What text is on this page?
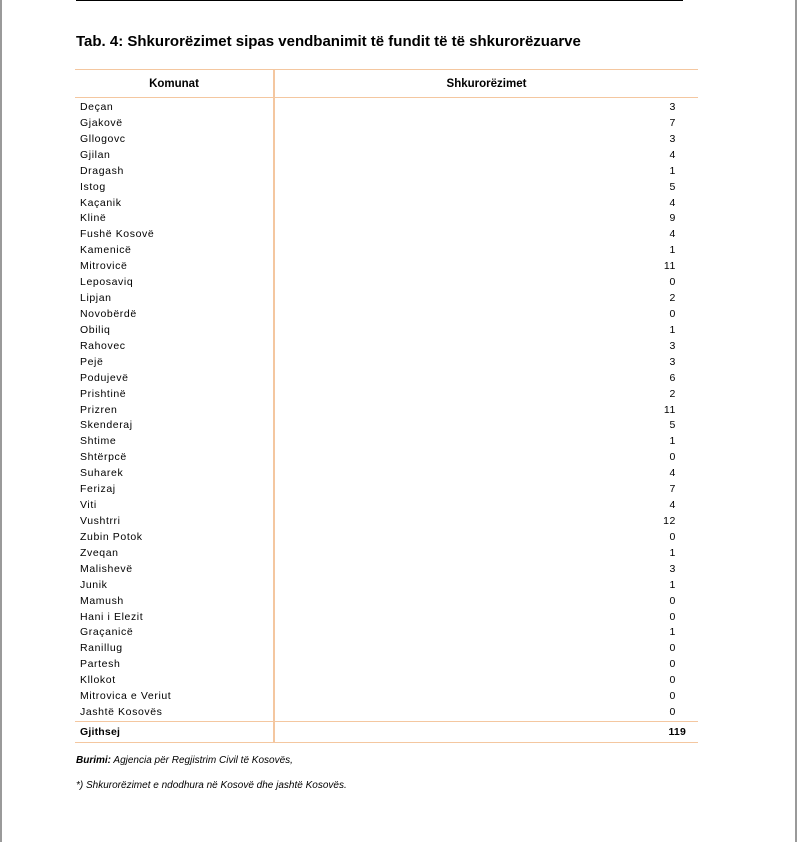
Tab. 4: Shkurorëzimet sipas vendbanimit të fundit të të shkurorëzuarve
Komunat	Shkurorëzimet
Deçan	3
Gjakovë	7
Gllogovc	3
Gjilan	4
Dragash	1
Istog	5
Kaçanik	4
Klinë	9
Fushë Kosovë	4
Kamenicë	1
Mitrovicë	11
Leposaviq	0
Lipjan	2
Novobërdë	0
Obiliq	1
Rahovec	3
Pejë	3
Podujevë	6
Prishtinë	2
Prizren	11
Skenderaj	5
Shtime	1
Shtërpcë	0
Suharek	4
Ferizaj	7
Viti	4
Vushtrri	12
Zubin Potok	0
Zveqan	1
Malishevë	3
Junik	1
Mamush	0
Hani i Elezit	0
Graçanicë	1
Ranillug	0
Partesh	0
Kllokot	0
Mitrovica e Veriut	0
Jashtë Kosovës	0
Gjithsej	119
Burimi: Agjencia për Regjistrim Civil të Kosovës,
*) Shkurorëzimet e ndodhura në Kosovë dhe jashtë Kosovës.
